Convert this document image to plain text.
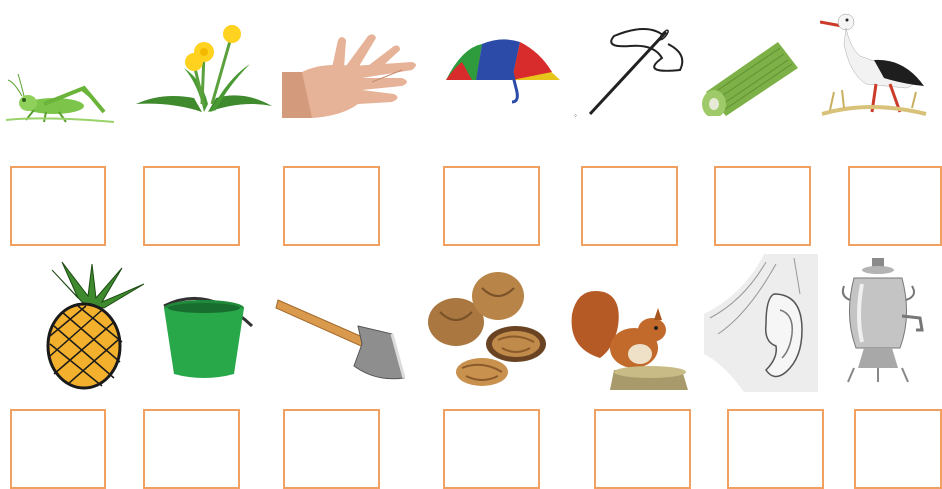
◦
